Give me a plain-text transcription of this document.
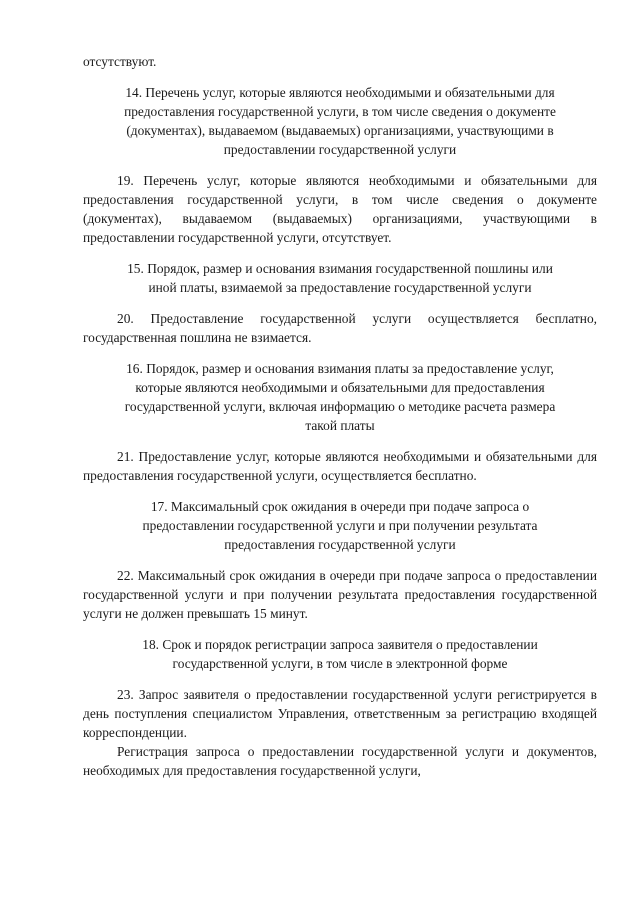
отсутствуют.

14. Перечень услуг, которые являются необходимыми и обязательными для предоставления государственной услуги, в том числе сведения о документе (документах), выдаваемом (выдаваемых) организациями, участвующими в предоставлении государственной услуги

19. Перечень услуг, которые являются необходимыми и обязательными для предоставления государственной услуги, в том числе сведения о документе (документах), выдаваемом (выдаваемых) организациями, участвующими в предоставлении государственной услуги, отсутствует.

15. Порядок, размер и основания взимания государственной пошлины или иной платы, взимаемой за предоставление государственной услуги

20. Предоставление государственной услуги осуществляется бесплатно, государственная пошлина не взимается.

16. Порядок, размер и основания взимания платы за предоставление услуг, которые являются необходимыми и обязательными для предоставления государственной услуги, включая информацию о методике расчета размера такой платы

21. Предоставление услуг, которые являются необходимыми и обязательными для предоставления государственной услуги, осуществляется бесплатно.

17. Максимальный срок ожидания в очереди при подаче запроса о предоставлении государственной услуги и при получении результата предоставления государственной услуги

22. Максимальный срок ожидания в очереди при подаче запроса о предоставлении государственной услуги и при получении результата предоставления государственной услуги не должен превышать 15 минут.

18. Срок и порядок регистрации запроса заявителя о предоставлении государственной услуги, в том числе в электронной форме

23. Запрос заявителя о предоставлении государственной услуги регистрируется в день поступления специалистом Управления, ответственным за регистрацию входящей корреспонденции.

Регистрация запроса о предоставлении государственной услуги и документов, необходимых для предоставления государственной услуги,
